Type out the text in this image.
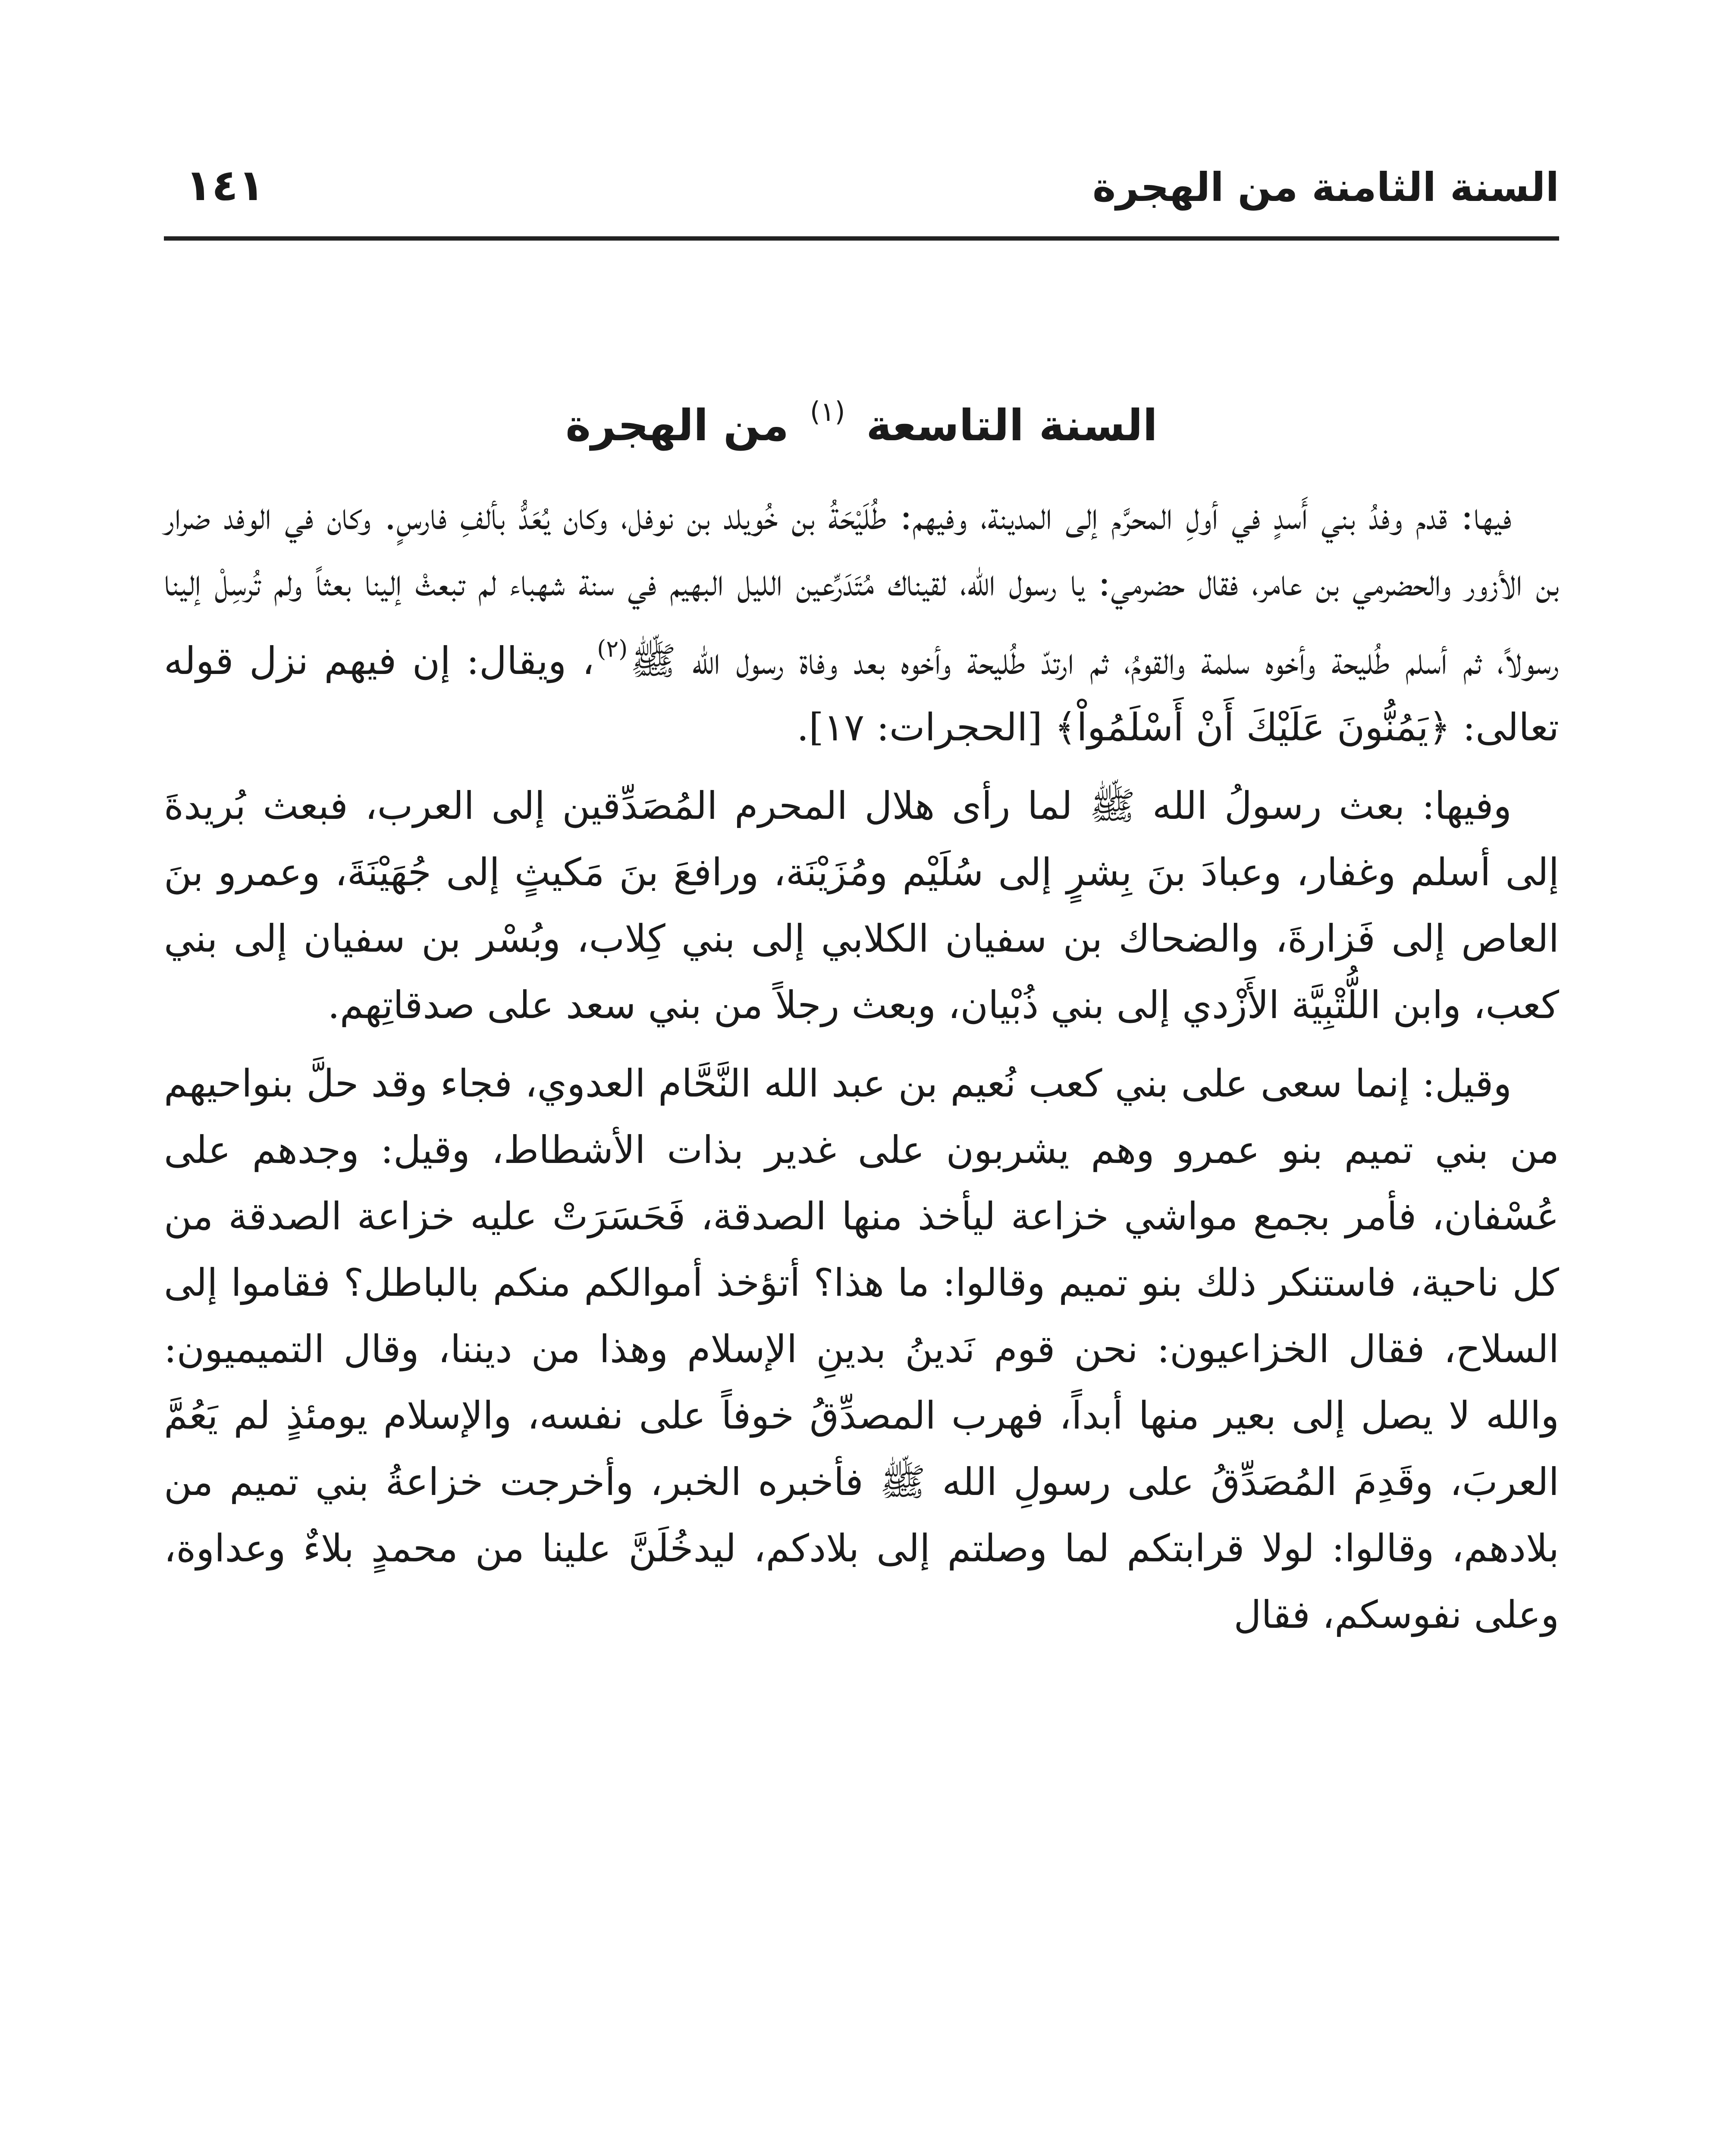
السنة الثامنة من الهجرة
١٤١
السنة التاسعة $^{(١)}$ من الهجرة

فيها: قدم وفدُ بني أَسدٍ في أولِ المحرَّم إلى المدينة، وفيهم: طُلَيْحَةُ بن خُويلد بن نوفل، وكان يُعَدُّ بألفِ فارسٍ. وكان في الوفد ضرار بن الأزور والحضرمي بن عامر، فقال حضرمي: يا رسول الله، لقيناك مُتَدَرِّعين الليل البهيم في سنة شهباء لم تبعثْ إلينا بعثاً ولم تُرسِلْ إلينا رسولاً، ثم أسلم طُليحة وأخوه سلمة والقومُ، ثم ارتدّ طُليحة وأخوه بعد وفاة رسول الله ﷺ$^{(٢)}$، ويقال: إن فيهم نزل قوله تعالى: ﴿يَمُنُّونَ عَلَيْكَ أَنْ أَسْلَمُواْ﴾ [الحجرات: ١٧].

وفيها: بعث رسولُ الله ﷺ لما رأى هلال المحرم المُصَدِّقين إلى العرب، فبعث بُريدةَ إلى أسلم وغفار، وعبادَ بنَ بِشرٍ إلى سُلَيْم ومُزَيْنَة، ورافعَ بنَ مَكيثٍ إلى جُهَيْنَةَ، وعمرو بنَ العاص إلى فَزارةَ، والضحاك بن سفيان الكلابي إلى بني كِلاب، وبُسْر بن سفيان إلى بني كعب، وابن اللُّتْبِيَّة الأَزْدي إلى بني ذُبْيان، وبعث رجلاً من بني سعد على صدقاتِهم.

وقيل: إنما سعى على بني كعب نُعيم بن عبد الله النَّحَّام العدوي، فجاء وقد حلَّ بنواحيهم من بني تميم بنو عمرو وهم يشربون على غدير بذات الأشطاط، وقيل: وجدهم على عُسْفان، فأمر بجمع مواشي خزاعة ليأخذ منها الصدقة، فَحَسَرَتْ عليه خزاعة الصدقة من كل ناحية، فاستنكر ذلك بنو تميم وقالوا: ما هذا؟ أتؤخذ أموالكم منكم بالباطل؟ فقاموا إلى السلاح، فقال الخزاعيون: نحن قوم نَدينُ بدينِ الإسلام وهذا من ديننا، وقال التميميون: والله لا يصل إلى بعير منها أبداً، فهرب المصدِّقُ خوفاً على نفسه، والإسلام يومئذٍ لم يَعُمَّ العربَ، وقَدِمَ المُصَدِّقُ على رسولِ الله ﷺ فأخبره الخبر، وأخرجت خزاعةُ بني تميم من بلادهم، وقالوا: لولا قرابتكم لما وصلتم إلى بلادكم، ليدخُلَنَّ علينا من محمدٍ بلاءٌ وعداوة، وعلى نفوسكم، فقال
